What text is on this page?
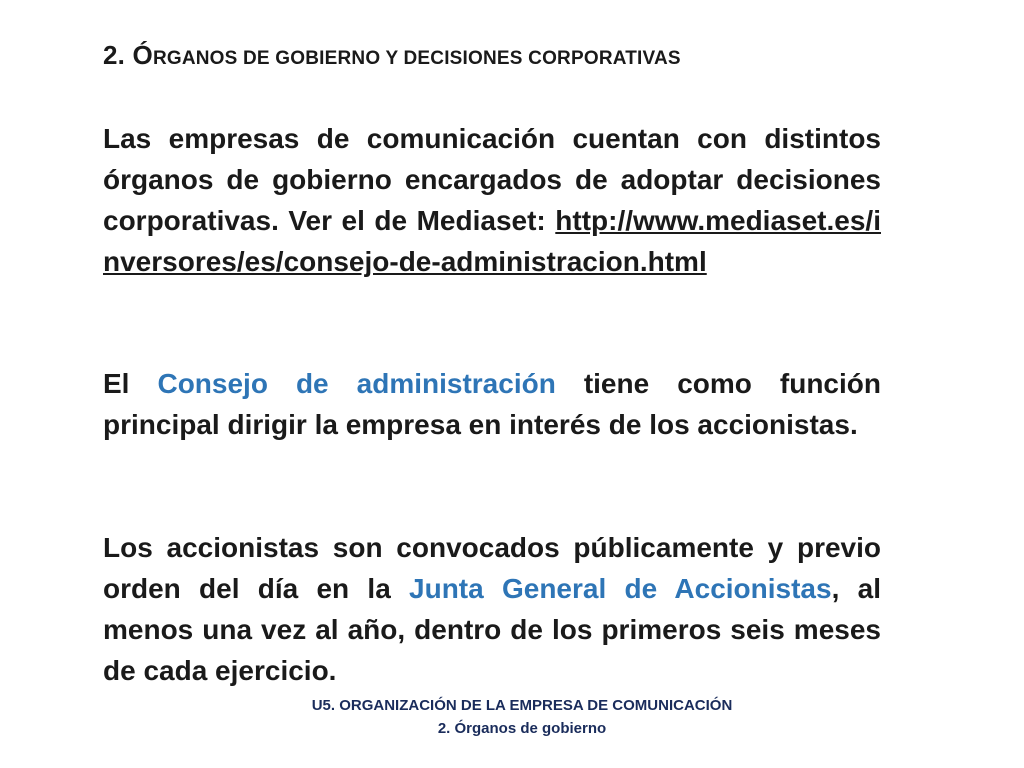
2. ÓRGANOS DE GOBIERNO Y DECISIONES CORPORATIVAS
Las empresas de comunicación cuentan con distintos órganos de gobierno encargados de adoptar decisiones corporativas. Ver el de Mediaset: http://www.mediaset.es/inversores/es/consejo-de-administracion.html
El Consejo de administración tiene como función principal dirigir la empresa en interés de los accionistas.
Los accionistas son convocados públicamente y previo orden del día en la Junta General de Accionistas, al menos una vez al año, dentro de los primeros seis meses de cada ejercicio.
U5. ORGANIZACIÓN DE LA EMPRESA DE COMUNICACIÓN
2. Órganos de gobierno
